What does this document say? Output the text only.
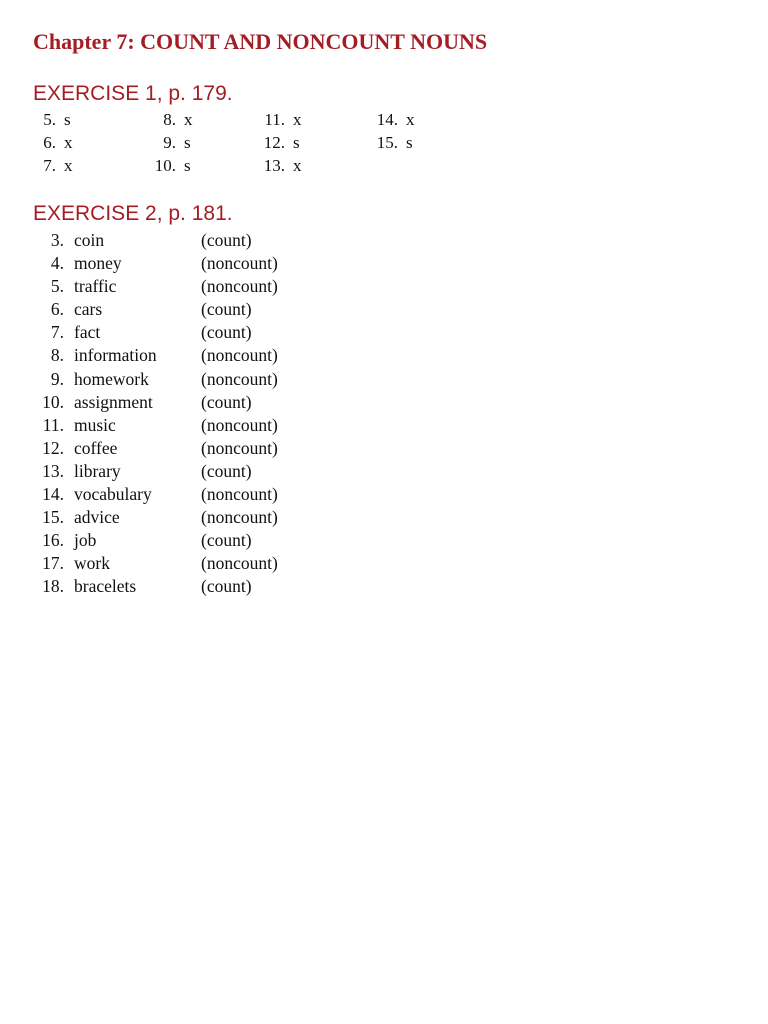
Chapter 7: COUNT AND NONCOUNT NOUNS
EXERCISE 1, p. 179.
5. s
6. x
7. x
8. x
9. s
10. s
11. x
12. s
13. x
14. x
15. s
EXERCISE 2, p. 181.
3. coin	(count)
4. money	(noncount)
5. traffic	(noncount)
6. cars	(count)
7. fact	(count)
8. information	(noncount)
9. homework	(noncount)
10. assignment	(count)
11. music	(noncount)
12. coffee	(noncount)
13. library	(count)
14. vocabulary	(noncount)
15. advice	(noncount)
16. job	(count)
17. work	(noncount)
18. bracelets	(count)
